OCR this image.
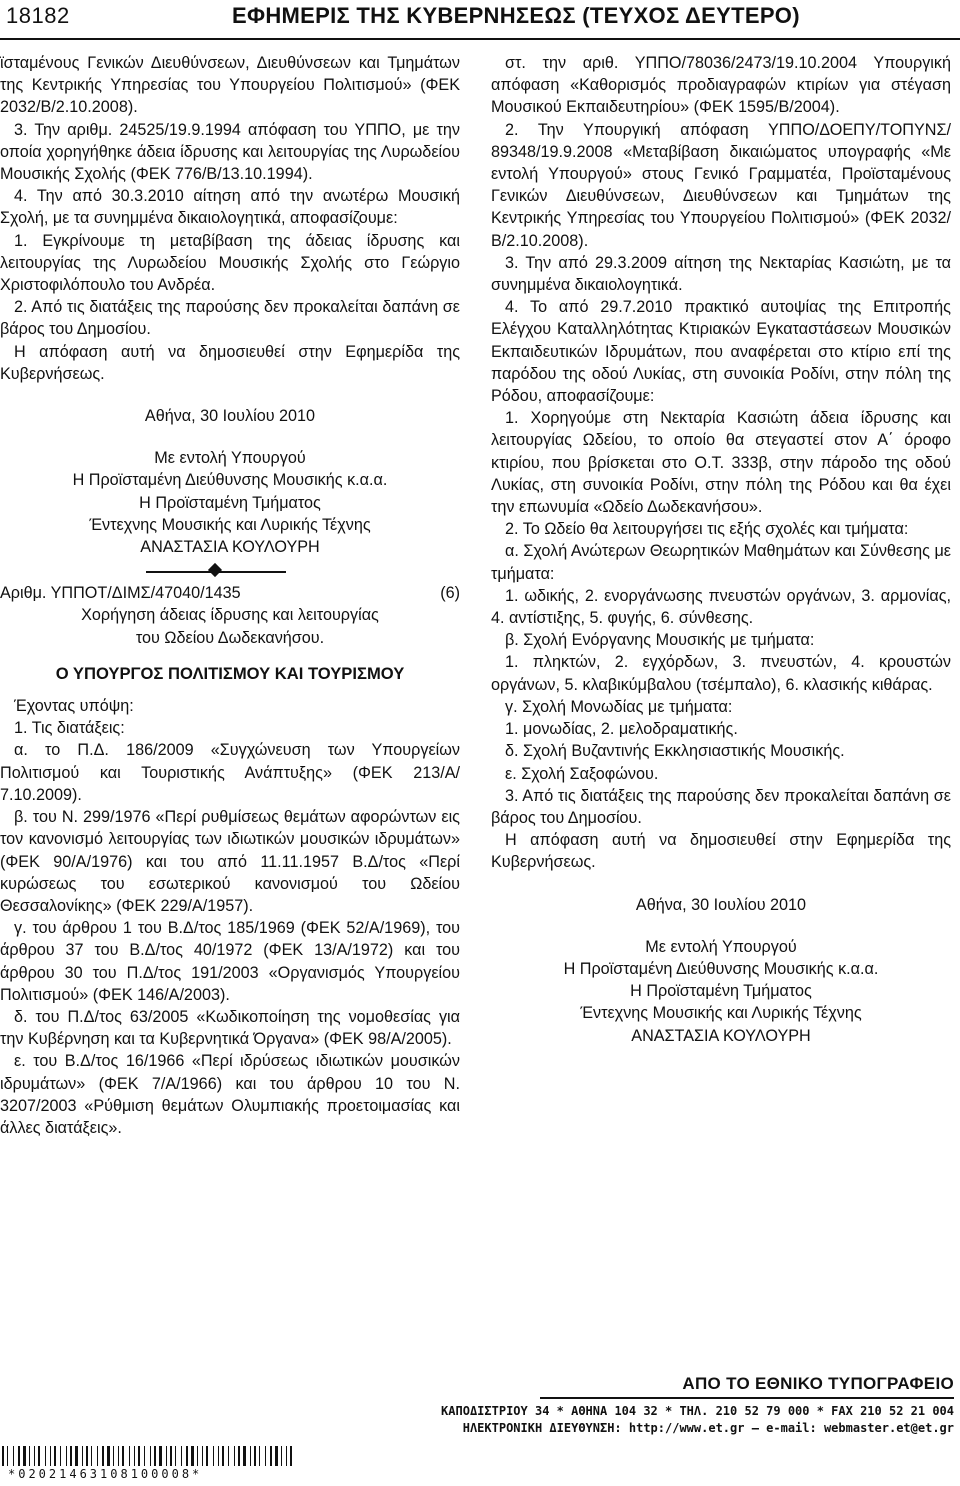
18182	ΕΦΗΜΕΡΙΣ ΤΗΣ ΚΥΒΕΡΝΗΣΕΩΣ (ΤΕΥΧΟΣ ΔΕΥΤΕΡΟ)

ϊσταμένους Γενικών Διευθύνσεων, Διευθύνσεων και Τμημάτων της Κεντρικής Υπηρεσίας του Υπουργείου Πολιτισμού» (ΦΕΚ 2032/Β/2.10.2008).

3. Την αριθμ. 24525/19.9.1994 απόφαση του ΥΠΠΟ, με την οποία χορηγήθηκε άδεια ίδρυσης και λειτουργίας της Λυρωδείου Μουσικής Σχολής (ΦΕΚ 776/Β/13.10.1994).

4. Την από 30.3.2010 αίτηση από την ανωτέρω Μουσική Σχολή, με τα συνημμένα δικαιολογητικά, αποφασίζουμε:

1. Εγκρίνουμε τη μεταβίβαση της άδειας ίδρυσης και λειτουργίας της Λυρωδείου Μουσικής Σχολής στο Γεώργιο Χριστοφιλόπουλο του Ανδρέα.

2. Από τις διατάξεις της παρούσης δεν προκαλείται δαπάνη σε βάρος του Δημοσίου.

Η απόφαση αυτή να δημοσιευθεί στην Εφημερίδα της Κυβερνήσεως.

Αθήνα, 30 Ιουλίου 2010

Με εντολή Υπουργού

Η Προϊσταμένη Διεύθυνσης Μουσικής κ.α.α.

Η Προϊσταμένη Τμήματος

Έντεχνης Μουσικής και Λυρικής Τέχνης

ΑΝΑΣΤΑΣΙΑ ΚΟΥΛΟΥΡΗ

Αριθμ. ΥΠΠΟΤ/ΔΙΜΣ/47040/1435	(6)

Χορήγηση άδειας ίδρυσης και λειτουργίας

του Ωδείου Δωδεκανήσου.

Ο ΥΠΟΥΡΓΟΣ ΠΟΛΙΤΙΣΜΟΥ ΚΑΙ ΤΟΥΡΙΣΜΟΥ

Έχοντας υπόψη:

1. Τις διατάξεις:

α. το Π.Δ. 186/2009 «Συγχώνευση των Υπουργείων Πολιτισμού και Τουριστικής Ανάπτυξης» (ΦΕΚ 213/Α/ 7.10.2009).

β. του Ν. 299/1976 «Περί ρυθμίσεως θεμάτων αφορώντων εις τον κανονισμό λειτουργίας των ιδιωτικών μουσικών ιδρυμάτων» (ΦΕΚ 90/Α/1976) και του από 11.11.1957 Β.Δ/τος «Περί κυρώσεως του εσωτερικού κανονισμού του Ωδείου Θεσσαλονίκης» (ΦΕΚ 229/Α/1957).

γ. του άρθρου 1 του Β.Δ/τος 185/1969 (ΦΕΚ 52/Α/1969), του άρθρου 37 του Β.Δ/τος 40/1972 (ΦΕΚ 13/Α/1972) και του άρθρου 30 του Π.Δ/τος 191/2003 «Οργανισμός Υπουργείου Πολιτισμού» (ΦΕΚ 146/Α/2003).

δ. του Π.Δ/τος 63/2005 «Κωδικοποίηση της νομοθεσίας για την Κυβέρνηση και τα Κυβερνητικά Όργανα» (ΦΕΚ 98/Α/2005).

ε. του Β.Δ/τος 16/1966 «Περί ιδρύσεως ιδιωτικών μουσικών ιδρυμάτων» (ΦΕΚ 7/Α/1966) και του άρθρου 10 του Ν. 3207/2003 «Ρύθμιση θεμάτων Ολυμπιακής προετοιμασίας και άλλες διατάξεις».

στ. την αριθ. ΥΠΠΟ/78036/2473/19.10.2004 Υπουργική απόφαση «Καθορισμός προδιαγραφών κτιρίων για στέγαση Μουσικού Εκπαιδευτηρίου» (ΦΕΚ 1595/Β/2004).

2. Την Υπουργική απόφαση ΥΠΠΟ/ΔΟΕΠΥ/ΤΟΠΥΝΣ/ 89348/19.9.2008 «Μεταβίβαση δικαιώματος υπογραφής «Με εντολή Υπουργού» στους Γενικό Γραμματέα, Προϊσταμένους Γενικών Διευθύνσεων, Διευθύνσεων και Τμημάτων της Κεντρικής Υπηρεσίας του Υπουργείου Πολιτισμού» (ΦΕΚ 2032/Β/2.10.2008).

3. Την από 29.3.2009 αίτηση της Νεκταρίας Κασιώτη, με τα συνημμένα δικαιολογητικά.

4. Το από 29.7.2010 πρακτικό αυτοψίας της Επιτροπής Ελέγχου Καταλληλότητας Κτιριακών Εγκαταστάσεων Μουσικών Εκπαιδευτικών Ιδρυμάτων, που αναφέρεται στο κτίριο επί της παρόδου της οδού Λυκίας, στη συνοικία Ροδίνι, στην πόλη της Ρόδου, αποφασίζουμε:

1. Χορηγούμε στη Νεκταρία Κασιώτη άδεια ίδρυσης και λειτουργίας Ωδείου, το οποίο θα στεγαστεί στον Α΄ όροφο κτιρίου, που βρίσκεται στο Ο.Τ. 333β, στην πάροδο της οδού Λυκίας, στη συνοικία Ροδίνι, στην πόλη της Ρόδου και θα έχει την επωνυμία «Ωδείο Δωδεκανήσου».

2. Το Ωδείο θα λειτουργήσει τις εξής σχολές και τμήματα:

α. Σχολή Ανώτερων Θεωρητικών Μαθημάτων και Σύνθεσης με τμήματα:

1. ωδικής, 2. ενοργάνωσης πνευστών οργάνων, 3. αρμονίας, 4. αντίστιξης, 5. φυγής, 6. σύνθεσης.

β. Σχολή Ενόργανης Μουσικής με τμήματα:

1. πληκτών, 2. εγχόρδων, 3. πνευστών, 4. κρουστών οργάνων, 5. κλαβικύμβαλου (τσέμπαλο), 6. κλασικής κιθάρας.

γ. Σχολή Μονωδίας με τμήματα:

1. μονωδίας, 2. μελοδραματικής.

δ. Σχολή Βυζαντινής Εκκλησιαστικής Μουσικής.

ε. Σχολή Σαξοφώνου.

3. Από τις διατάξεις της παρούσης δεν προκαλείται δαπάνη σε βάρος του Δημοσίου.

Η απόφαση αυτή να δημοσιευθεί στην Εφημερίδα της Κυβερνήσεως.

Αθήνα, 30 Ιουλίου 2010

Με εντολή Υπουργού

Η Προϊσταμένη Διεύθυνσης Μουσικής κ.α.α.

Η Προϊσταμένη Τμήματος

Έντεχνης Μουσικής και Λυρικής Τέχνης

ΑΝΑΣΤΑΣΙΑ ΚΟΥΛΟΥΡΗ

ΑΠΟ ΤΟ ΕΘΝΙΚΟ ΤΥΠΟΓΡΑΦΕΙΟ
ΚΑΠΟΔΙΣΤΡΙΟΥ 34 * ΑΘΗΝΑ 104 32 * ΤΗΛ. 210 52 79 000 * FAX 210 52 21 004
ΗΛΕΚΤΡΟΝΙΚΗ ΔΙΕΥΘΥΝΣΗ: http://www.et.gr — e-mail: webmaster.et@et.gr
*02021463108100008*
